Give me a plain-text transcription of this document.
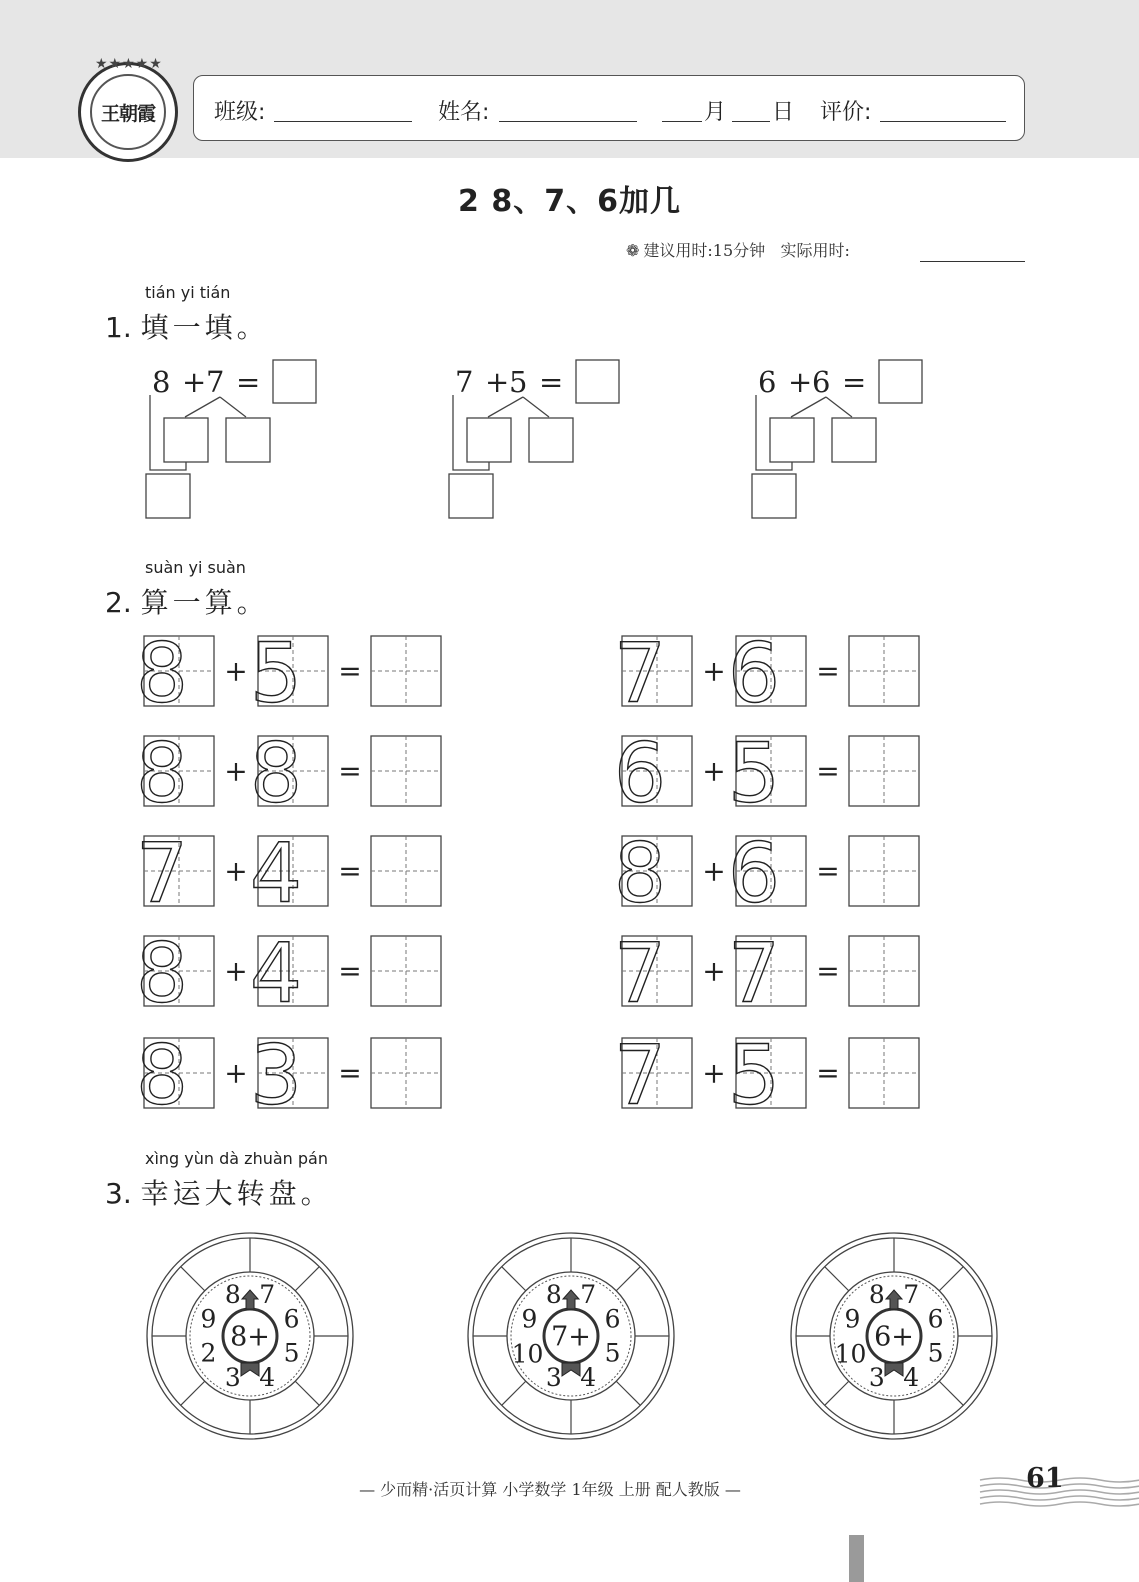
★★★★★
王朝霞	班级:	姓名:	月 日 评价:
2 8、7、6加几
❁ 建议用时:15分钟 实际用时:
tián yi tián
1. 填一填。
suàn yi suàn
2. 算一算。
xìng yùn dà zhuàn pán
3. 幸运大转盘。
8 + 7 =	7 + 5 =	6 + 6 =
8 + 5 =
8 + 8 =
7 + 4 =
8 + 4 =
8 + 3 =
7 + 6 =
6 + 5 =
8 + 6 =
7 + 7 =
7 + 5 =
8+
8 7
6
5
4
3
2
9
7+
8 7
6
5
4
3
10
9
6+
8 7
6
5
4
3
10
9
— 少而精·活页计算 小学数学 1年级 上册 配人教版 —	61
